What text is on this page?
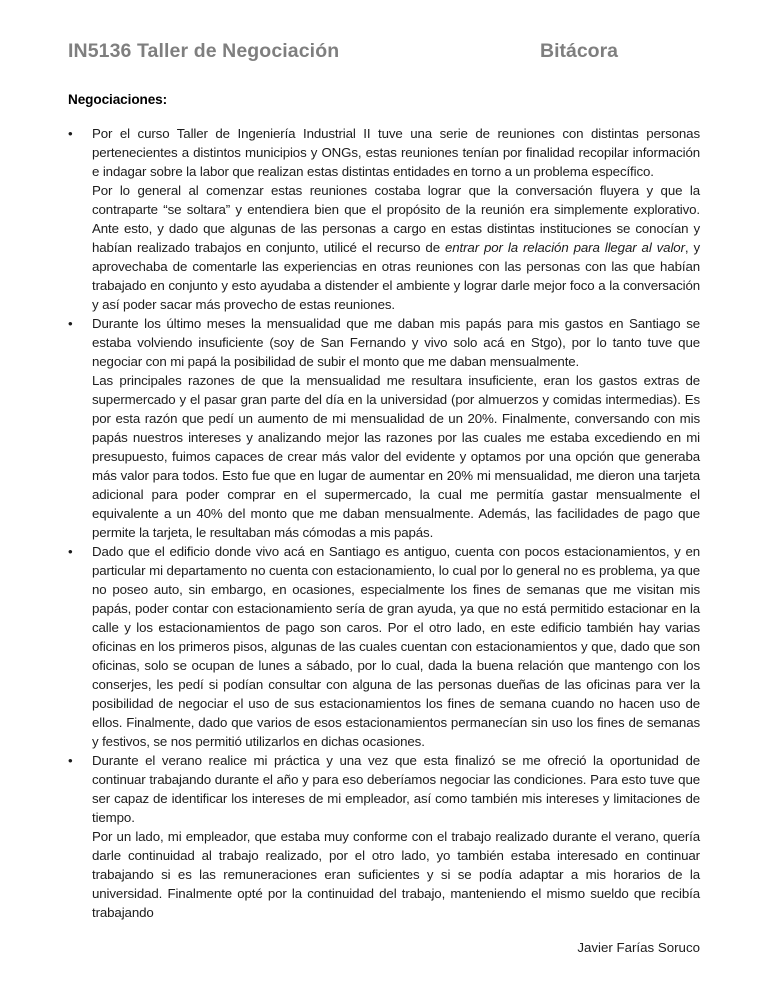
IN5136 Taller de Negociación	Bitácora
Negociaciones:
•	Por el curso Taller de Ingeniería Industrial II tuve una serie de reuniones con distintas personas pertenecientes a distintos municipios y ONGs, estas reuniones tenían por finalidad recopilar información e indagar sobre la labor que realizan estas distintas entidades en torno a un problema específico.

Por lo general al comenzar estas reuniones costaba lograr que la conversación fluyera y que la contraparte “se soltara” y entendiera bien que el propósito de la reunión era simplemente explorativo. Ante esto, y dado que algunas de las personas a cargo en estas distintas instituciones se conocían y habían realizado trabajos en conjunto, utilicé el recurso de entrar por la relación para llegar al valor, y aprovechaba de comentarle las experiencias en otras reuniones con las personas con las que habían trabajado en conjunto y esto ayudaba a distender el ambiente y lograr darle mejor foco a la conversación y así poder sacar más provecho de estas reuniones.

•	Durante los último meses la mensualidad que me daban mis papás para mis gastos en Santiago se estaba volviendo insuficiente (soy de San Fernando y vivo solo acá en Stgo), por lo tanto tuve que negociar con mi papá la posibilidad de subir el monto que me daban mensualmente.

Las principales razones de que la mensualidad me resultara insuficiente, eran los gastos extras de supermercado y el pasar gran parte del día en la universidad (por almuerzos y comidas intermedias). Es por esta razón que pedí un aumento de mi mensualidad de un 20%. Finalmente, conversando con mis papás nuestros intereses y analizando mejor las razones por las cuales me estaba excediendo en mi presupuesto, fuimos capaces de crear más valor del evidente y optamos por una opción que generaba más valor para todos. Esto fue que en lugar de aumentar en 20% mi mensualidad, me dieron una tarjeta adicional para poder comprar en el supermercado, la cual me permitía gastar mensualmente el equivalente a un 40% del monto que me daban mensualmente. Además, las facilidades de pago que permite la tarjeta, le resultaban más cómodas a mis papás.

•	Dado que el edificio donde vivo acá en Santiago es antiguo, cuenta con pocos estacionamientos, y en particular mi departamento no cuenta con estacionamiento, lo cual por lo general no es problema, ya que no poseo auto, sin embargo, en ocasiones, especialmente los fines de semanas que me visitan mis papás, poder contar con estacionamiento sería de gran ayuda, ya que no está permitido estacionar en la calle y los estacionamientos de pago son caros. Por el otro lado, en este edificio también hay varias oficinas en los primeros pisos, algunas de las cuales cuentan con estacionamientos y que, dado que son oficinas, solo se ocupan de lunes a sábado, por lo cual, dada la buena relación que mantengo con los conserjes, les pedí si podían consultar con alguna de las personas dueñas de las oficinas para ver la posibilidad de negociar el uso de sus estacionamientos los fines de semana cuando no hacen uso de ellos. Finalmente, dado que varios de esos estacionamientos permanecían sin uso los fines de semanas y festivos, se nos permitió utilizarlos en dichas ocasiones.

•	Durante el verano realice mi práctica y una vez que esta finalizó se me ofreció la oportunidad de continuar trabajando durante el año y para eso deberíamos negociar las condiciones. Para esto tuve que ser capaz de identificar los intereses de mi empleador, así como también mis intereses y limitaciones de tiempo.

Por un lado, mi empleador, que estaba muy conforme con el trabajo realizado durante el verano, quería darle continuidad al trabajo realizado, por el otro lado, yo también estaba interesado en continuar trabajando si es las remuneraciones eran suficientes y si se podía adaptar a mis horarios de la universidad. Finalmente opté por la continuidad del trabajo, manteniendo el mismo sueldo que recibía trabajando

Javier Farías Soruco
